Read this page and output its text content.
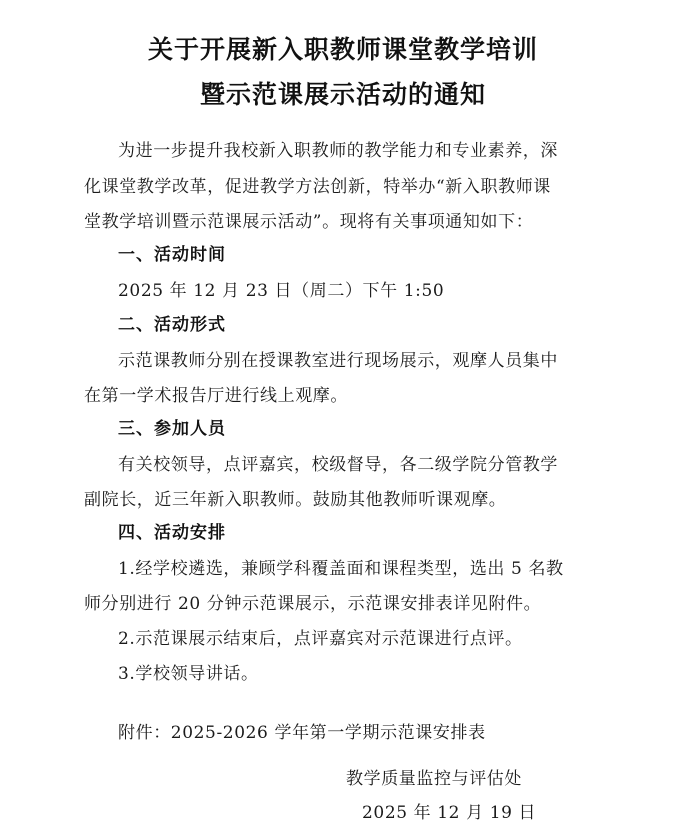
关于开展新入职教师课堂教学培训
暨示范课展示活动的通知
为进一步提升我校新入职教师的教学能力和专业素养，深
化课堂教学改革，促进教学方法创新，特举办“新入职教师课
堂教学培训暨示范课展示活动”。现将有关事项通知如下：
一、活动时间
2025 年 12 月 23 日（周二）下午 1:50
二、活动形式
示范课教师分别在授课教室进行现场展示，观摩人员集中
在第一学术报告厅进行线上观摩。
三、参加人员
有关校领导，点评嘉宾，校级督导，各二级学院分管教学
副院长，近三年新入职教师。鼓励其他教师听课观摩。
四、活动安排
1.经学校遴选，兼顾学科覆盖面和课程类型，选出 5 名教
师分别进行 20 分钟示范课展示，示范课安排表详见附件。
2.示范课展示结束后，点评嘉宾对示范课进行点评。
3.学校领导讲话。
附件：2025-2026 学年第一学期示范课安排表
教学质量监控与评估处
2025 年 12 月 19 日
